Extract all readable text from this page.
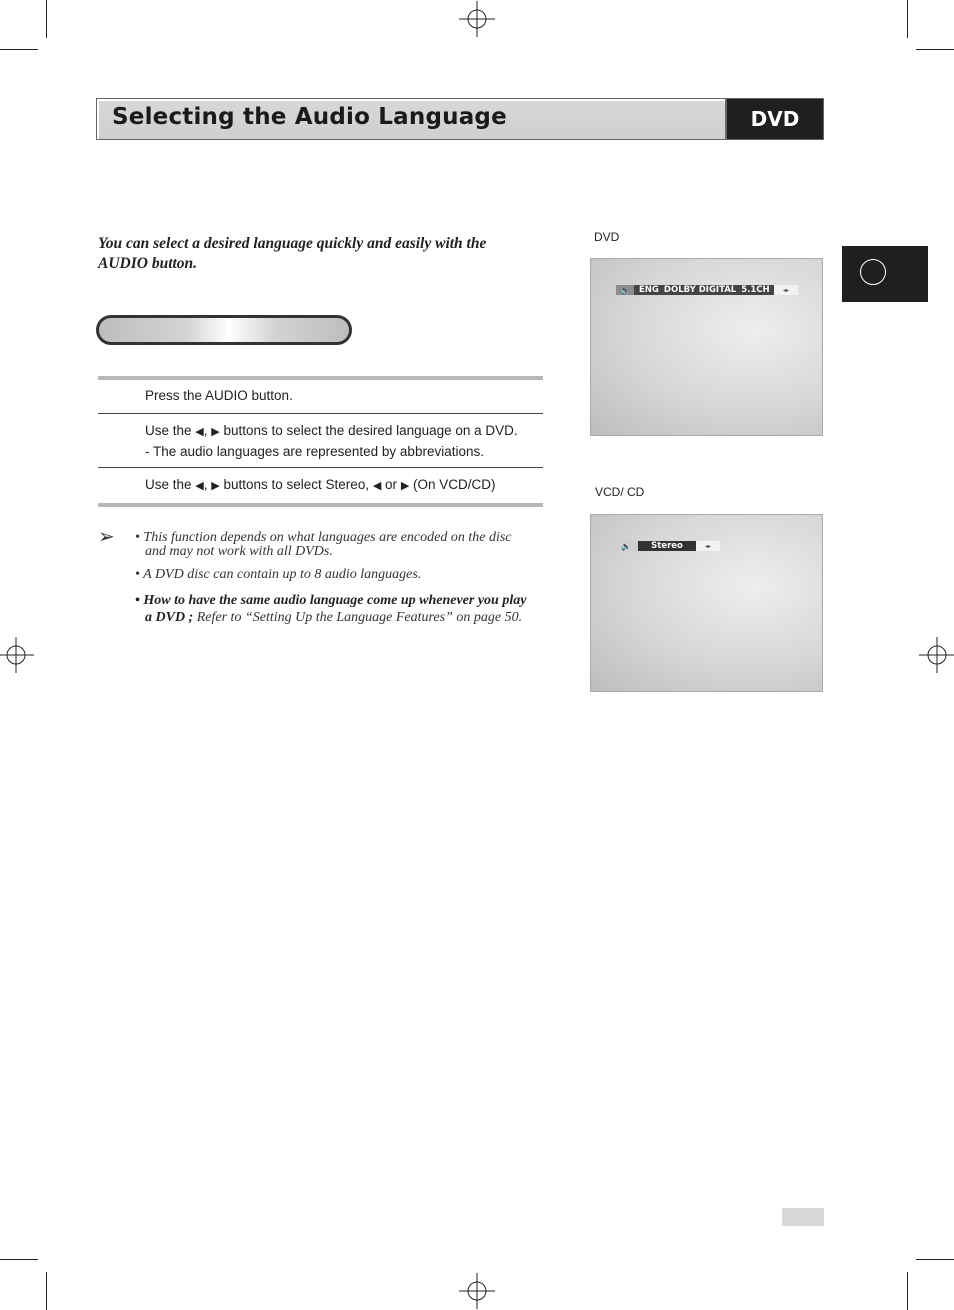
Selecting the Audio Language	DVD
You can select a desired language quickly and easily with the AUDIO button.
Press the AUDIO button.
Use the ◀, ▶ buttons to select the desired language on a DVD.
- The audio languages are represented by abbreviations.
Use the ◀, ▶ buttons to select Stereo, ◀ or ▶ (On VCD/CD)
➢ • This function depends on what languages are encoded on the disc
and may not work with all DVDs.
• A DVD disc can contain up to 8 audio languages.
• How to have the same audio language come up whenever you play
a DVD ; Refer to “Setting Up the Language Features” on page 50.
DVD
🔈	ENG DOLBY DIGITAL 5.1CH	◂▸
VCD/ CD
🔈	Stereo	◂▸
